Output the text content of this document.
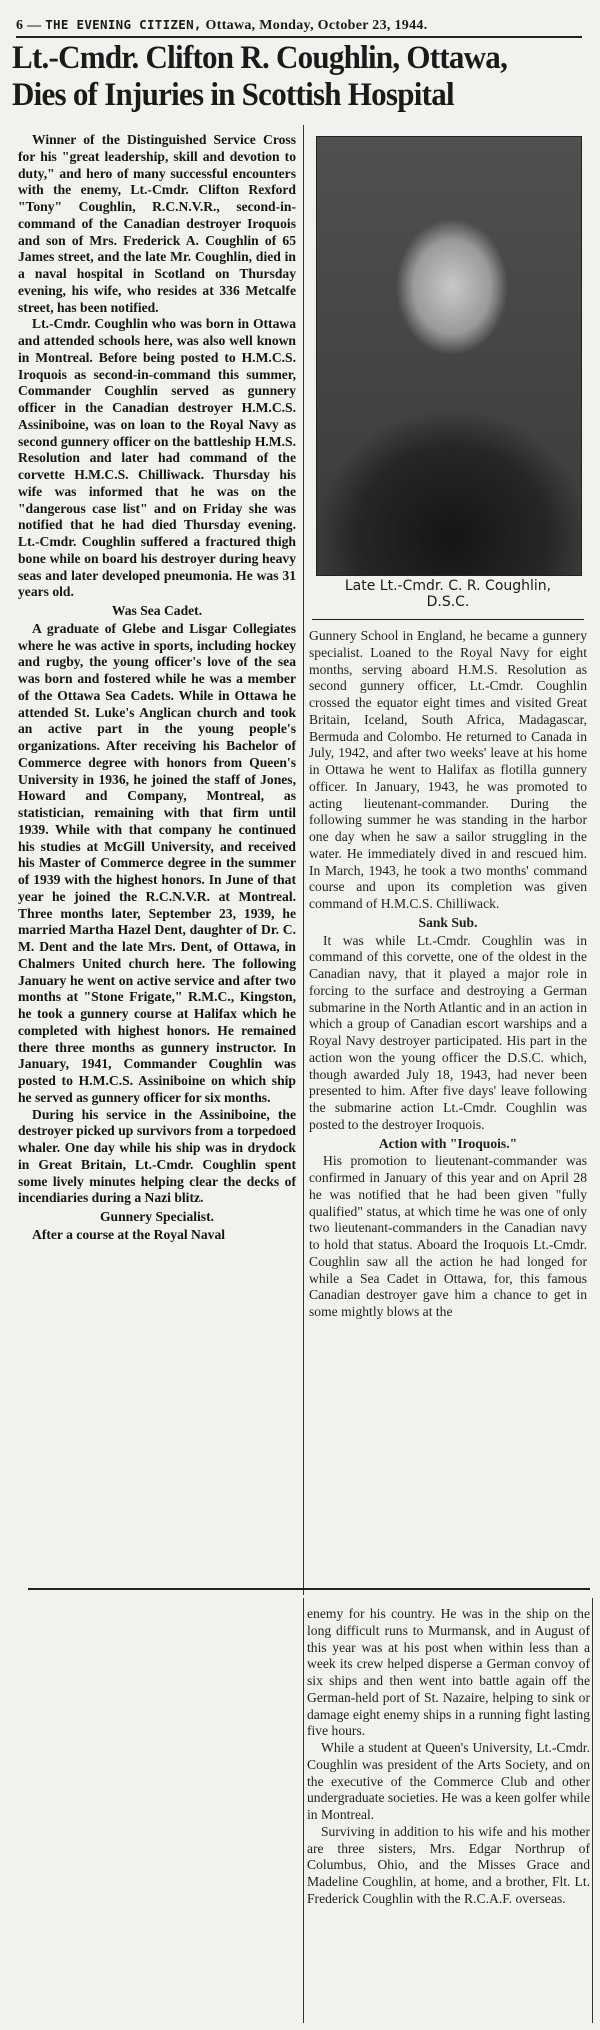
6 — THE EVENING CITIZEN, Ottawa, Monday, October 23, 1944.
Lt.-Cmdr. Clifton R. Coughlin, Ottawa,
Dies of Injuries in Scottish Hospital

Winner of the Distinguished Service Cross for his "great leadership, skill and devotion to duty," and hero of many successful encounters with the enemy, Lt.-Cmdr. Clifton Rexford "Tony" Coughlin, R.C.N.V.R., second-in-command of the Canadian destroyer Iroquois and son of Mrs. Frederick A. Coughlin of 65 James street, and the late Mr. Coughlin, died in a naval hospital in Scotland on Thursday evening, his wife, who resides at 336 Metcalfe street, has been notified.

Lt.-Cmdr. Coughlin who was born in Ottawa and attended schools here, was also well known in Montreal. Before being posted to H.M.C.S. Iroquois as second-in-command this summer, Commander Coughlin served as gunnery officer in the Canadian destroyer H.M.C.S. Assiniboine, was on loan to the Royal Navy as second gunnery officer on the battleship H.M.S. Resolution and later had command of the corvette H.M.C.S. Chilliwack. Thursday his wife was informed that he was on the "dangerous case list" and on Friday she was notified that he had died Thursday evening. Lt.-Cmdr. Coughlin suffered a fractured thigh bone while on board his destroyer during heavy seas and later developed pneumonia. He was 31 years old.

Was Sea Cadet.

A graduate of Glebe and Lisgar Collegiates where he was active in sports, including hockey and rugby, the young officer's love of the sea was born and fostered while he was a member of the Ottawa Sea Cadets. While in Ottawa he attended St. Luke's Anglican church and took an active part in the young people's organizations. After receiving his Bachelor of Commerce degree with honors from Queen's University in 1936, he joined the staff of Jones, Howard and Company, Montreal, as statistician, remaining with that firm until 1939. While with that company he continued his studies at McGill University, and received his Master of Commerce degree in the summer of 1939 with the highest honors. In June of that year he joined the R.C.N.V.R. at Montreal. Three months later, September 23, 1939, he married Martha Hazel Dent, daughter of Dr. C. M. Dent and the late Mrs. Dent, of Ottawa, in Chalmers United church here. The following January he went on active service and after two months at "Stone Frigate," R.M.C., Kingston, he took a gunnery course at Halifax which he completed with highest honors. He remained there three months as gunnery instructor. In January, 1941, Commander Coughlin was posted to H.M.C.S. Assiniboine on which ship he served as gunnery officer for six months.

During his service in the Assiniboine, the destroyer picked up survivors from a torpedoed whaler. One day while his ship was in drydock in Great Britain, Lt.-Cmdr. Coughlin spent some lively minutes helping clear the decks of incendiaries during a Nazi blitz.

Gunnery Specialist.

After a course at the Royal Naval

Late Lt.-Cmdr. C. R. Coughlin,
D.S.C.

Gunnery School in England, he became a gunnery specialist. Loaned to the Royal Navy for eight months, serving aboard H.M.S. Resolution as second gunnery officer, Lt.-Cmdr. Coughlin crossed the equator eight times and visited Great Britain, Iceland, South Africa, Madagascar, Bermuda and Colombo. He returned to Canada in July, 1942, and after two weeks' leave at his home in Ottawa he went to Halifax as flotilla gunnery officer. In January, 1943, he was promoted to acting lieutenant-commander. During the following summer he was standing in the harbor one day when he saw a sailor struggling in the water. He immediately dived in and rescued him. In March, 1943, he took a two months' command course and upon its completion was given command of H.M.C.S. Chilliwack.

Sank Sub.

It was while Lt.-Cmdr. Coughlin was in command of this corvette, one of the oldest in the Canadian navy, that it played a major role in forcing to the surface and destroying a German submarine in the North Atlantic and in an action in which a group of Canadian escort warships and a Royal Navy destroyer participated. His part in the action won the young officer the D.S.C. which, though awarded July 18, 1943, had never been presented to him. After five days' leave following the submarine action Lt.-Cmdr. Coughlin was posted to the destroyer Iroquois.

Action with "Iroquois."

His promotion to lieutenant-commander was confirmed in January of this year and on April 28 he was notified that he had been given "fully qualified" status, at which time he was one of only two lieutenant-commanders in the Canadian navy to hold that status. Aboard the Iroquois Lt.-Cmdr. Coughlin saw all the action he had longed for while a Sea Cadet in Ottawa, for, this famous Canadian destroyer gave him a chance to get in some mightly blows at the

enemy for his country. He was in the ship on the long difficult runs to Murmansk, and in August of this year was at his post when within less than a week its crew helped disperse a German convoy of six ships and then went into battle again off the German-held port of St. Nazaire, helping to sink or damage eight enemy ships in a running fight lasting five hours.

While a student at Queen's University, Lt.-Cmdr. Coughlin was president of the Arts Society, and on the executive of the Commerce Club and other undergraduate societies. He was a keen golfer while in Montreal.

Surviving in addition to his wife and his mother are three sisters, Mrs. Edgar Northrup of Columbus, Ohio, and the Misses Grace and Madeline Coughlin, at home, and a brother, Flt. Lt. Frederick Coughlin with the R.C.A.F. overseas.
